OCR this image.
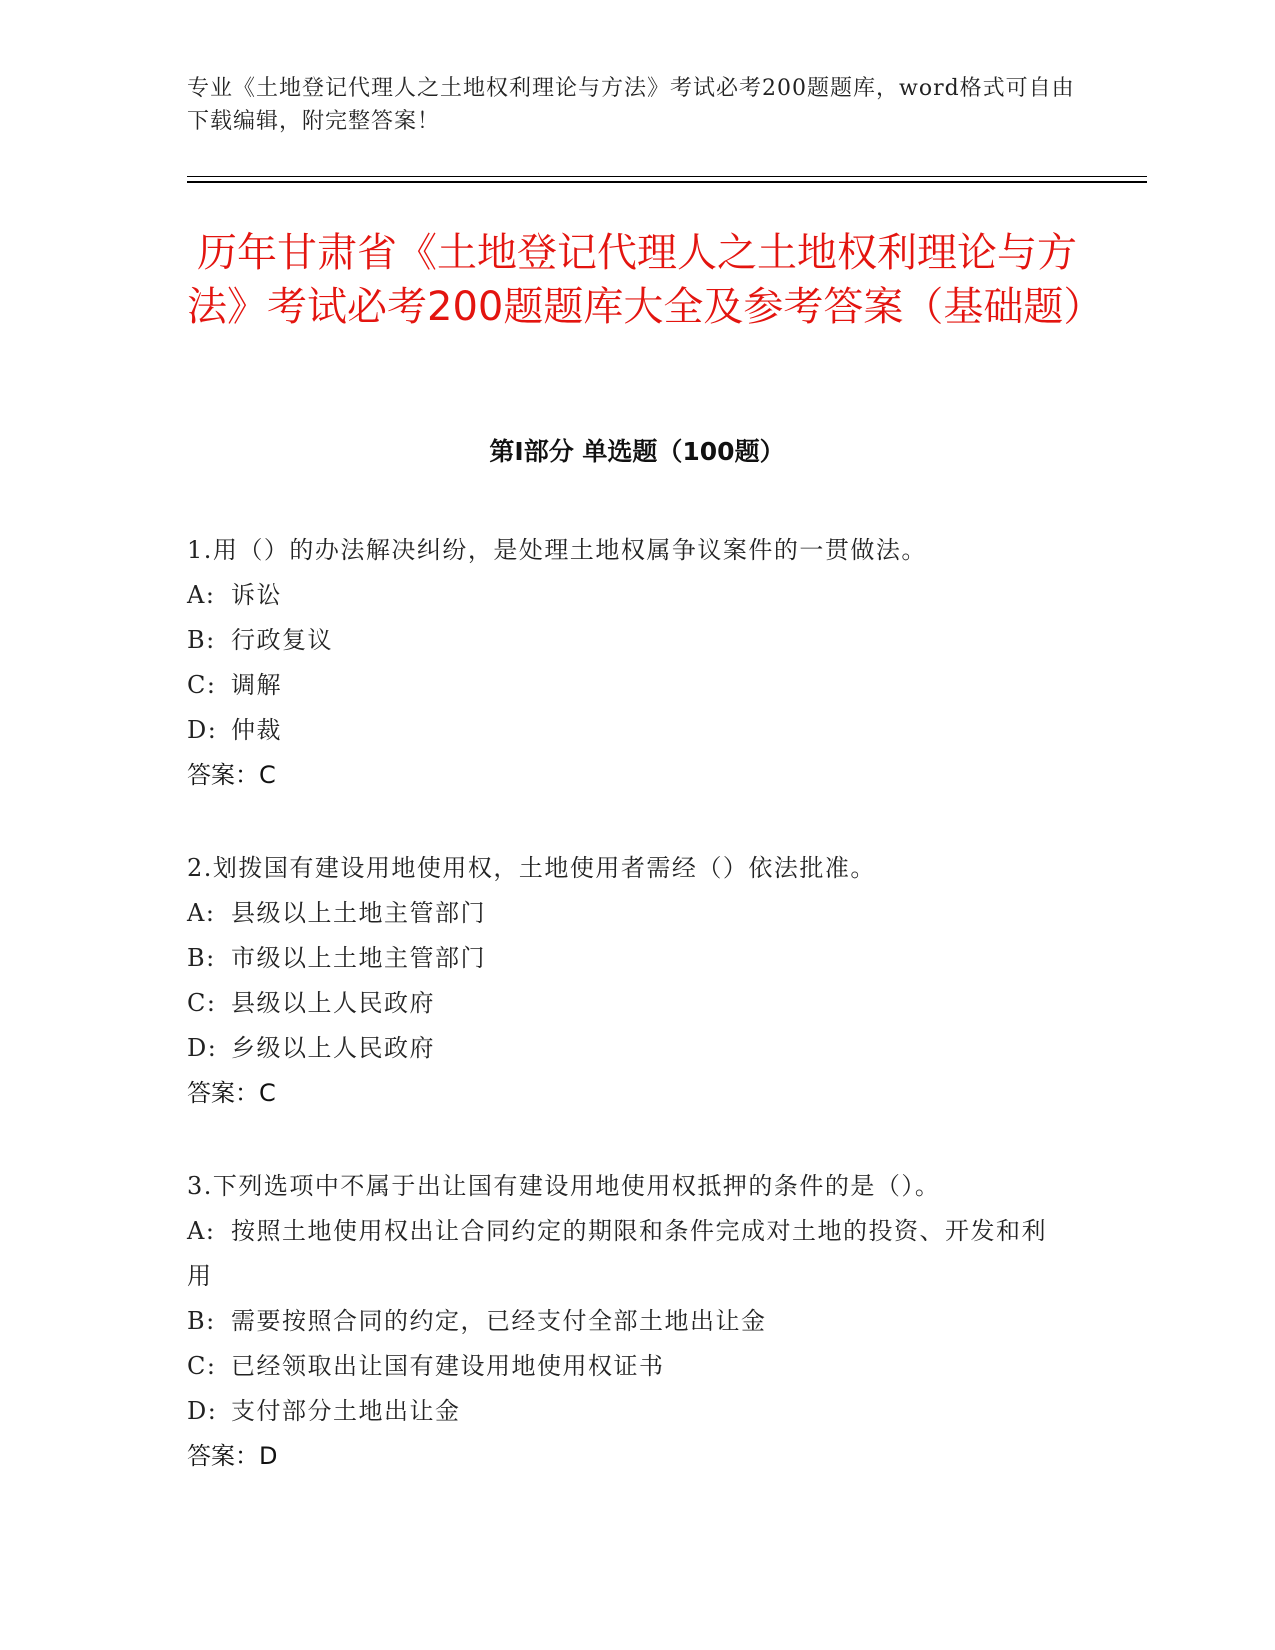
专业《土地登记代理人之土地权利理论与方法》考试必考200题题库，word格式可自由下载编辑，附完整答案！
历年甘肃省《土地登记代理人之土地权利理论与方法》考试必考200题题库大全及参考答案（基础题）
第Ⅰ部分 单选题（100题）

1.用（）的办法解决纠纷，是处理土地权属争议案件的一贯做法。

A: 诉讼

B: 行政复议

C: 调解

D: 仲裁

答案：C

2.划拨国有建设用地使用权，土地使用者需经（）依法批准。

A: 县级以上土地主管部门

B: 市级以上土地主管部门

C: 县级以上人民政府

D: 乡级以上人民政府

答案：C

3.下列选项中不属于出让国有建设用地使用权抵押的条件的是（）。

A: 按照土地使用权出让合同约定的期限和条件完成对土地的投资、开发和利用

B: 需要按照合同的约定，已经支付全部土地出让金

C: 已经领取出让国有建设用地使用权证书

D: 支付部分土地出让金

答案：D
